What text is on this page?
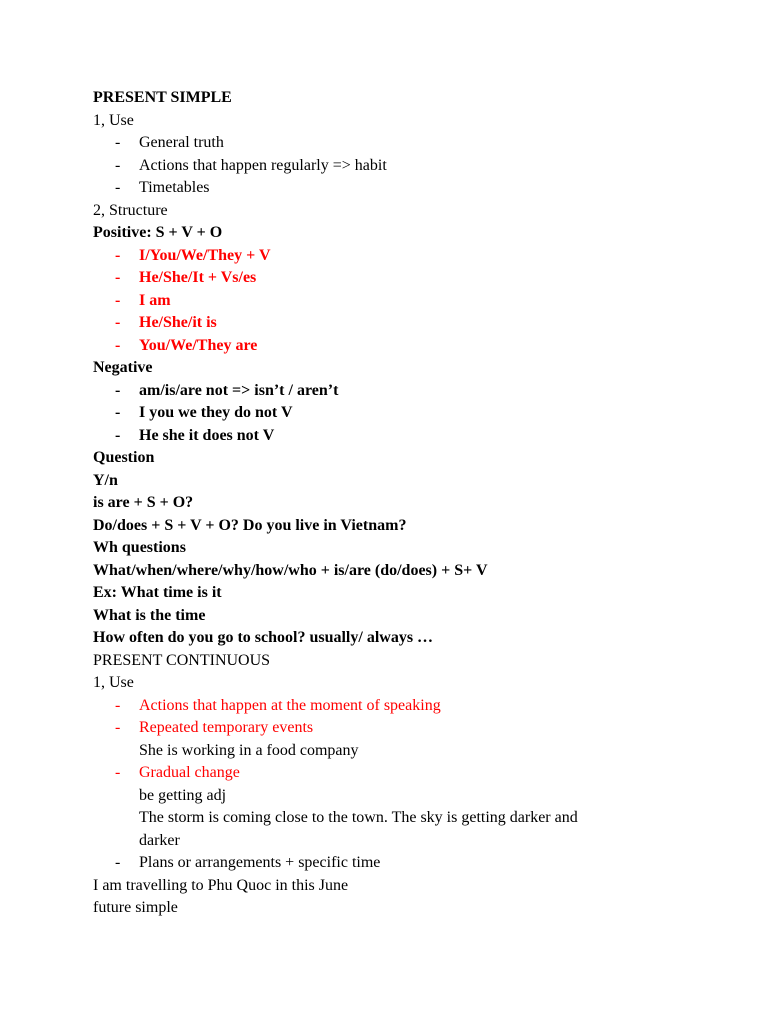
PRESENT SIMPLE
1, Use
- General truth
- Actions that happen regularly => habit
- Timetables
2, Structure
Positive: S + V + O
- I/You/We/They + V
- He/She/It + Vs/es
- I am
- He/She/it is
- You/We/They are
Negative
- am/is/are not => isn’t / aren’t
- I you we they do not V
- He she it does not V
Question
Y/n
is are + S + O?
Do/does + S + V + O? Do you live in Vietnam?
Wh questions
What/when/where/why/how/who + is/are (do/does) + S+ V
Ex: What time is it
What is the time
How often do you go to school? usually/ always …
PRESENT CONTINUOUS
1, Use
- Actions that happen at the moment of speaking
- Repeated temporary events
She is working in a food company
- Gradual change
be getting adj
The storm is coming close to the town. The sky is getting darker and
darker
- Plans or arrangements + specific time
I am travelling to Phu Quoc in this June
future simple
